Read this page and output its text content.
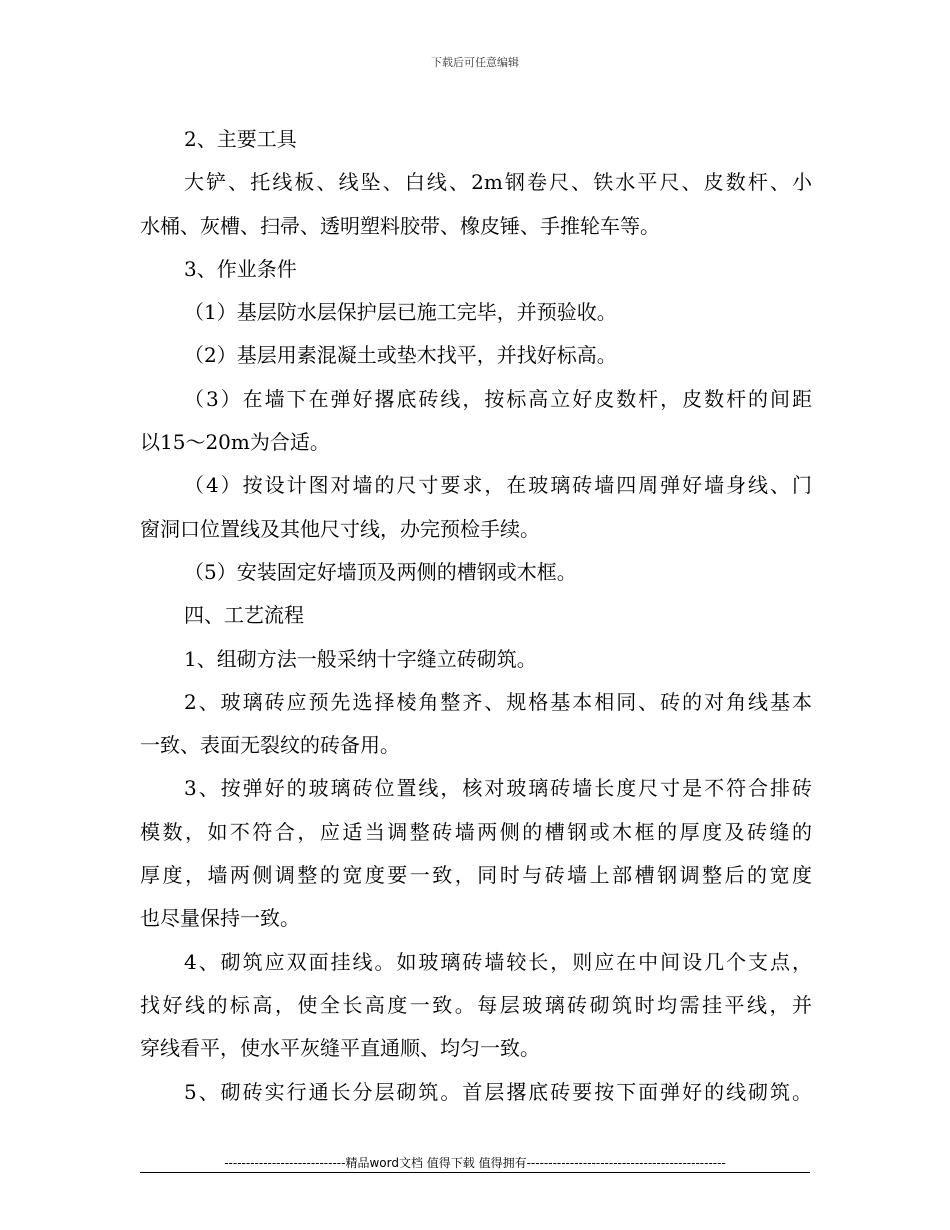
下载后可任意编辑
2、主要工具
大铲、托线板、线坠、白线、2m钢卷尺、铁水平尺、皮数杆、小
水桶、灰槽、扫帚、透明塑料胶带、橡皮锤、手推轮车等。
3、作业条件
（1）基层防水层保护层已施工完毕，并预验收。
（2）基层用素混凝土或垫木找平，并找好标高。
（3）在墙下在弹好撂底砖线，按标高立好皮数杆，皮数杆的间距
以15～20m为合适。
（4）按设计图对墙的尺寸要求，在玻璃砖墙四周弹好墙身线、门
窗洞口位置线及其他尺寸线，办完预检手续。
（5）安装固定好墙顶及两侧的槽钢或木框。
四、工艺流程
1、组砌方法一般采纳十字缝立砖砌筑。
2、玻璃砖应预先选择棱角整齐、规格基本相同、砖的对角线基本
一致、表面无裂纹的砖备用。
3、按弹好的玻璃砖位置线，核对玻璃砖墙长度尺寸是不符合排砖
模数，如不符合，应适当调整砖墙两侧的槽钢或木框的厚度及砖缝的
厚度，墙两侧调整的宽度要一致，同时与砖墙上部槽钢调整后的宽度
也尽量保持一致。
4、砌筑应双面挂线。如玻璃砖墙较长，则应在中间设几个支点，
找好线的标高，使全长高度一致。每层玻璃砖砌筑时均需挂平线，并
穿线看平，使水平灰缝平直通顺、均匀一致。
5、砌砖实行通长分层砌筑。首层撂底砖要按下面弹好的线砌筑。
----------------------------精品word文档 值得下载 值得拥有----------------------------------------------
